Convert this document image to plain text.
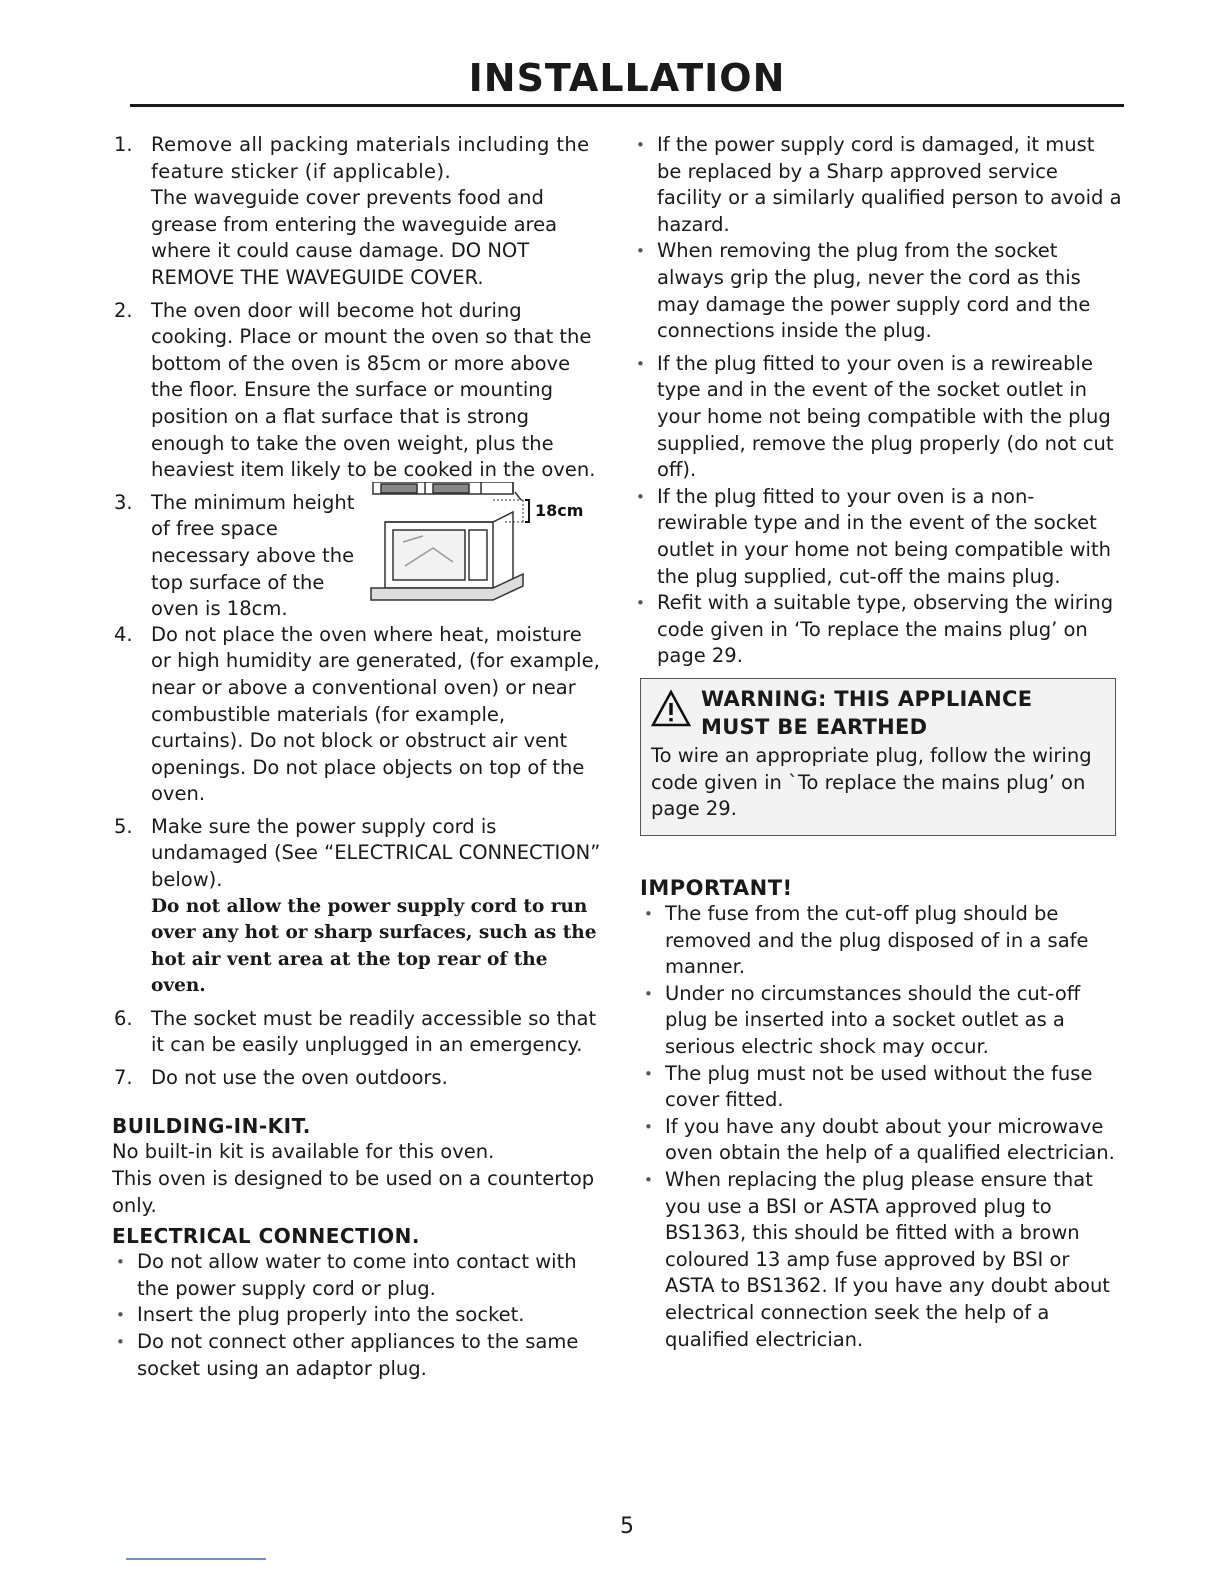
INSTALLATION
1. Remove all packing materials including the feature sticker (if applicable).

The waveguide cover prevents food and grease from entering the waveguide area where it could cause damage. DO NOT REMOVE THE WAVEGUIDE COVER.

2. The oven door will become hot during cooking. Place or mount the oven so that the bottom of the oven is 85cm or more above the floor. Ensure the surface or mounting position on a flat surface that is strong enough to take the oven weight, plus the heaviest item likely to be cooked in the oven.

3. The minimum height of free space necessary above the top surface of the oven is 18cm.

18cm
4. Do not place the oven where heat, moisture or high humidity are generated, (for example, near or above a conventional oven) or near combustible materials (for example, curtains). Do not block or obstruct air vent openings. Do not place objects on top of the oven.

5. Make sure the power supply cord is undamaged (See “ELECTRICAL CONNECTION” below).

Do not allow the power supply cord to run over any hot or sharp surfaces, such as the hot air vent area at the top rear of the oven.

6. The socket must be readily accessible so that it can be easily unplugged in an emergency.

7. Do not use the oven outdoors.

BUILDING-IN-KIT.
No built-in kit is available for this oven.
This oven is designed to be used on a countertop only.
ELECTRICAL CONNECTION.
• Do not allow water to come into contact with the power supply cord or plug.
• Insert the plug properly into the socket.
• Do not connect other appliances to the same socket using an adaptor plug.
• If the power supply cord is damaged, it must be replaced by a Sharp approved service facility or a similarly qualified person to avoid a hazard.
• When removing the plug from the socket always grip the plug, never the cord as this may damage the power supply cord and the connections inside the plug.
• If the plug fitted to your oven is a rewireable type and in the event of the socket outlet in your home not being compatible with the plug supplied, remove the plug properly (do not cut off).
• If the plug fitted to your oven is a non-rewirable type and in the event of the socket outlet in your home not being compatible with the plug supplied, cut-off the mains plug.
• Refit with a suitable type, observing the wiring code given in ‘To replace the mains plug’ on page 29.
WARNING: THIS APPLIANCE
MUST BE EARTHED
To wire an appropriate plug, follow the wiring code given in `To replace the mains plug’ on page 29.
IMPORTANT!
• The fuse from the cut-off plug should be removed and the plug disposed of in a safe manner.
• Under no circumstances should the cut-off plug be inserted into a socket outlet as a serious electric shock may occur.
• The plug must not be used without the fuse cover fitted.
• If you have any doubt about your microwave oven obtain the help of a qualified electrician.
• When replacing the plug please ensure that you use a BSI or ASTA approved plug to BS1363, this should be fitted with a brown coloured 13 amp fuse approved by BSI or ASTA to BS1362. If you have any doubt about electrical connection seek the help of a qualified electrician.
5
